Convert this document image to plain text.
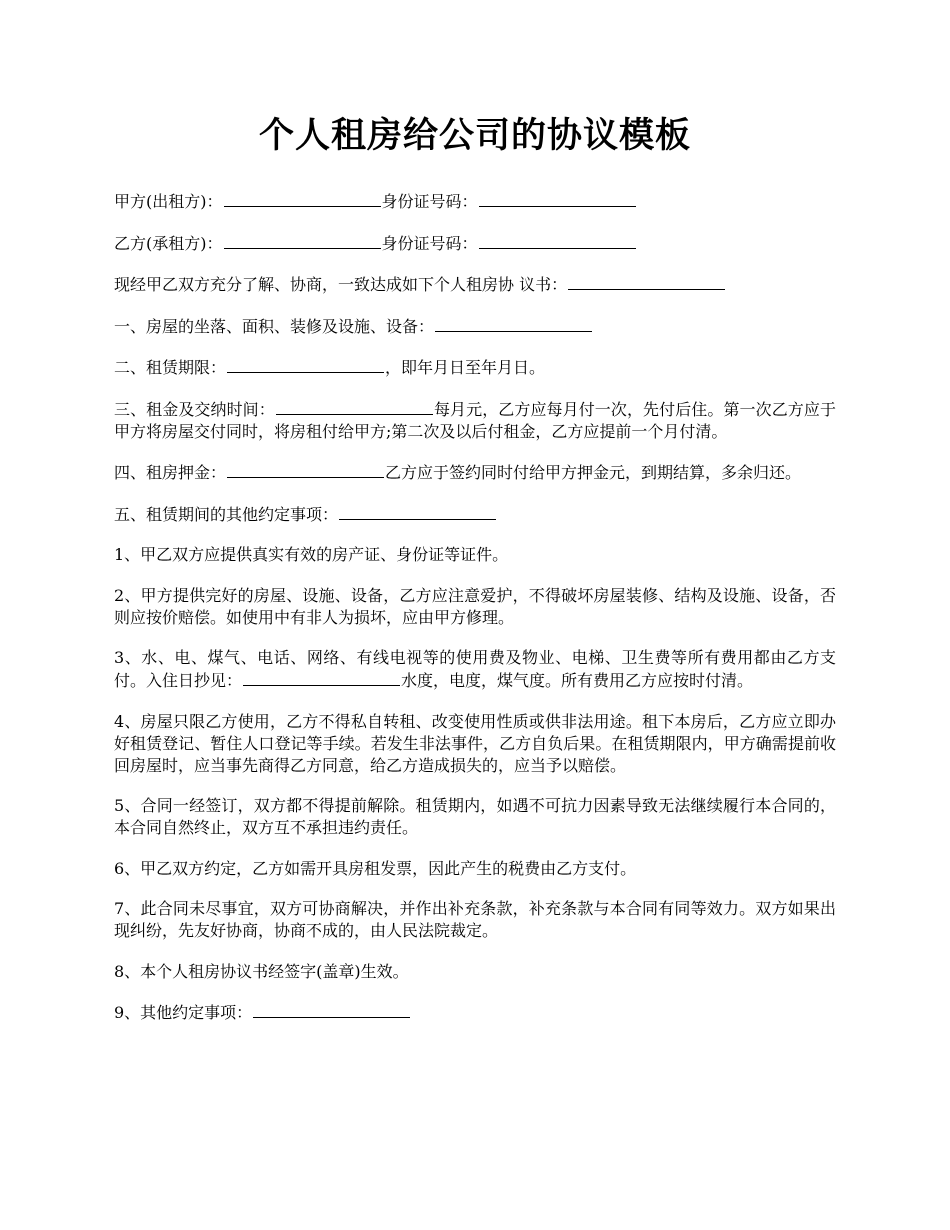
个人租房给公司的协议模板

甲方(出租方)：	身份证号码：

乙方(承租方)：	身份证号码：

现经甲乙双方充分了解、协商，一致达成如下个人租房协 议书：

一、房屋的坐落、面积、装修及设施、设备：

二、租赁期限：	，即年月日至年月日。

三、租金及交纳时间：	每月元，乙方应每月付一次，先付后住。第一次乙方应于甲方将房屋交付同时，将房租付给甲方;第二次及以后付租金，乙方应提前一个月付清。

四、租房押金：	乙方应于签约同时付给甲方押金元，到期结算，多余归还。

五、租赁期间的其他约定事项：

1、甲乙双方应提供真实有效的房产证、身份证等证件。

2、甲方提供完好的房屋、设施、设备，乙方应注意爱护，不得破坏房屋装修、结构及设施、设备，否则应按价赔偿。如使用中有非人为损坏，应由甲方修理。

3、水、电、煤气、电话、网络、有线电视等的使用费及物业、电梯、卫生费等所有费用都由乙方支付。入住日抄见：	水度，电度，煤气度。所有费用乙方应按时付清。

4、房屋只限乙方使用，乙方不得私自转租、改变使用性质或供非法用途。租下本房后，乙方应立即办好租赁登记、暂住人口登记等手续。若发生非法事件，乙方自负后果。在租赁期限内，甲方确需提前收回房屋时，应当事先商得乙方同意，给乙方造成损失的，应当予以赔偿。

5、合同一经签订，双方都不得提前解除。租赁期内，如遇不可抗力因素导致无法继续履行本合同的，本合同自然终止，双方互不承担违约责任。

6、甲乙双方约定，乙方如需开具房租发票，因此产生的税费由乙方支付。

7、此合同未尽事宜，双方可协商解决，并作出补充条款，补充条款与本合同有同等效力。双方如果出现纠纷，先友好协商，协商不成的，由人民法院裁定。

8、本个人租房协议书经签字(盖章)生效。

9、其他约定事项：
